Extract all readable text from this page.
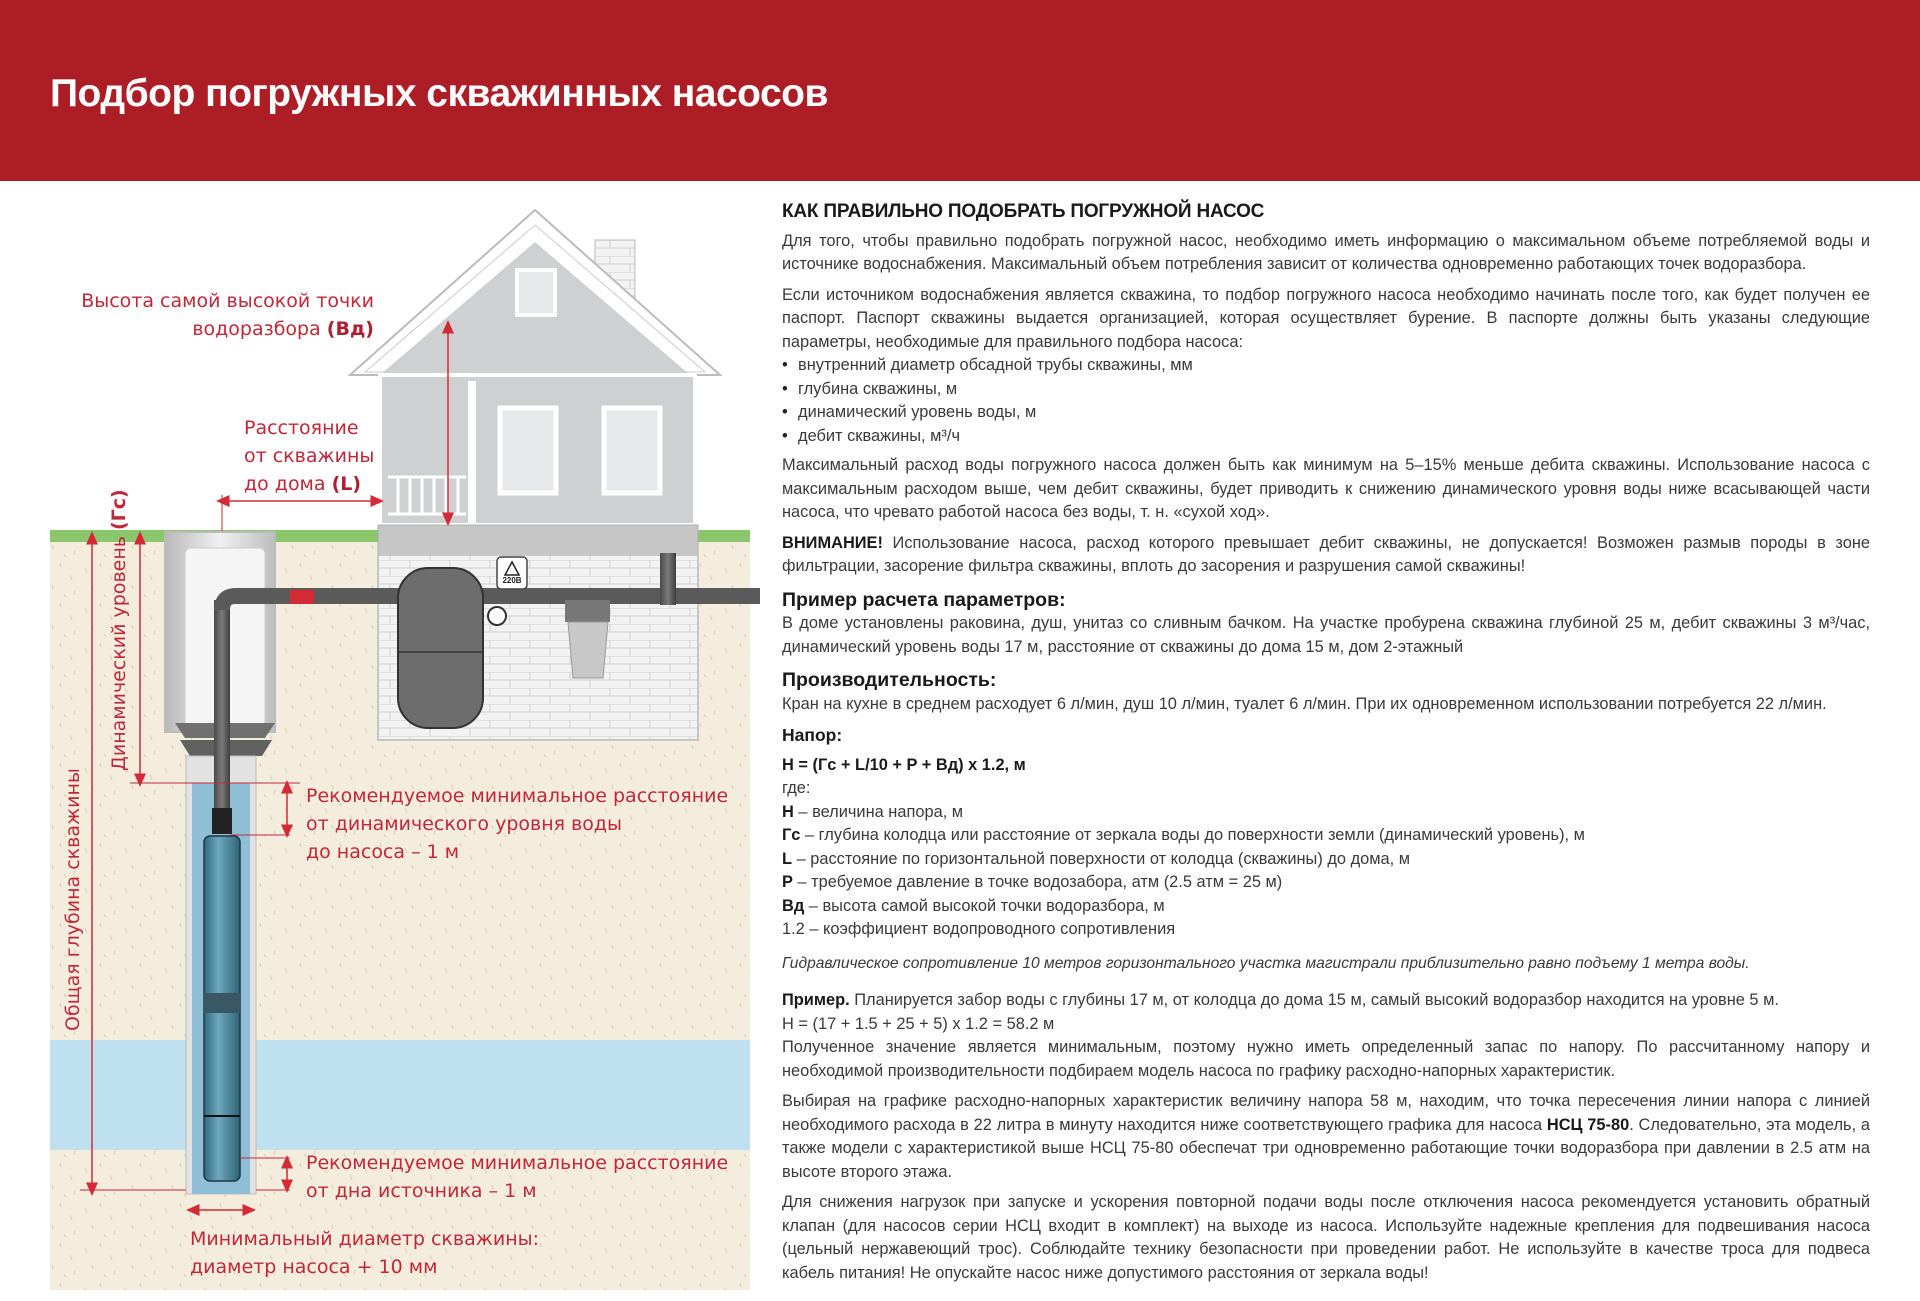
Подбор погружных скважинных насосов
Высота самой высокой точки
водоразбора (Вд)
Расстояние
от скважины
до дома (L)
Динамический уровень (Гс)
Общая глубина скважины	Рекомендуемое минимальное расстояние
от динамического уровня воды
до насоса – 1 м
Рекомендуемое минимальное расстояние
от дна источника – 1 м
Минимальный диаметр скважины:
диаметр насоса + 10 мм
220В
КАК ПРАВИЛЬНО ПОДОБРАТЬ ПОГРУЖНОЙ НАСОС

Для того, чтобы правильно подобрать погружной насос, необходимо иметь информацию о максимальном объеме потребляемой воды и источнике водоснабжения. Максимальный объем потребления зависит от количества одновременно работающих точек водоразбора.

Если источником водоснабжения является скважина, то подбор погружного насоса необходимо начинать после того, как будет получен ее паспорт. Паспорт скважины выдается организацией, которая осуществляет бурение. В паспорте должны быть указаны следующие параметры, необходимые для правильного подбора насоса:

• внутренний диаметр обсадной трубы скважины, мм
• глубина скважины, м
• динамический уровень воды, м
• дебит скважины, м³/ч

Максимальный расход воды погружного насоса должен быть как минимум на 5–15% меньше дебита скважины. Использование насоса с максимальным расходом выше, чем дебит скважины, будет приводить к снижению динамического уровня воды ниже всасывающей части насоса, что чревато работой насоса без воды, т. н. «сухой ход».

ВНИМАНИЕ! Использование насоса, расход которого превышает дебит скважины, не допускается! Возможен размыв породы в зоне фильтрации, засорение фильтра скважины, вплоть до засорения и разрушения самой скважины!

Пример расчета параметров:

В доме установлены раковина, душ, унитаз со сливным бачком. На участке пробурена скважина глубиной 25 м, дебит скважины 3 м³/час, динамический уровень воды 17 м, расстояние от скважины до дома 15 м, дом 2-этажный

Производительность:

Кран на кухне в среднем расходует 6 л/мин, душ 10 л/мин, туалет 6 л/мин. При их одновременном использовании потребуется 22 л/мин.

Напор:

H = (Гс + L/10 + P + Вд) x 1.2, м

где:

H – величина напора, м

Гс – глубина колодца или расстояние от зеркала воды до поверхности земли (динамический уровень), м

L – расстояние по горизонтальной поверхности от колодца (скважины) до дома, м

P – требуемое давление в точке водозабора, атм (2.5 атм = 25 м)

Вд – высота самой высокой точки водоразбора, м

1.2 – коэффициент водопроводного сопротивления

Гидравлическое сопротивление 10 метров горизонтального участка магистрали приблизительно равно подъему 1 метра воды.

Пример. Планируется забор воды с глубины 17 м, от колодца до дома 15 м, самый высокий водоразбор находится на уровне 5 м.

H = (17 + 1.5 + 25 + 5) x 1.2 = 58.2 м

Полученное значение является минимальным, поэтому нужно иметь определенный запас по напору. По рассчитанному напору и необходимой производительности подбираем модель насоса по графику расходно-напорных характеристик.

Выбирая на графике расходно-напорных характеристик величину напора 58 м, находим, что точка пересечения линии напора с линией необходимого расхода в 22 литра в минуту находится ниже соответствующего графика для насоса НСЦ 75-80. Следовательно, эта модель, а также модели с характеристикой выше НСЦ 75-80 обеспечат три одновременно работающие точки водоразбора при давлении в 2.5 атм на высоте второго этажа.

Для снижения нагрузок при запуске и ускорения повторной подачи воды после отключения насоса рекомендуется установить обратный клапан (для насосов серии НСЦ входит в комплект) на выходе из насоса. Используйте надежные крепления для подвешивания насоса (цельный нержавеющий трос). Соблюдайте технику безопасности при проведении работ. Не используйте в качестве троса для подвеса кабель питания! Не опускайте насос ниже допустимого расстояния от зеркала воды!
